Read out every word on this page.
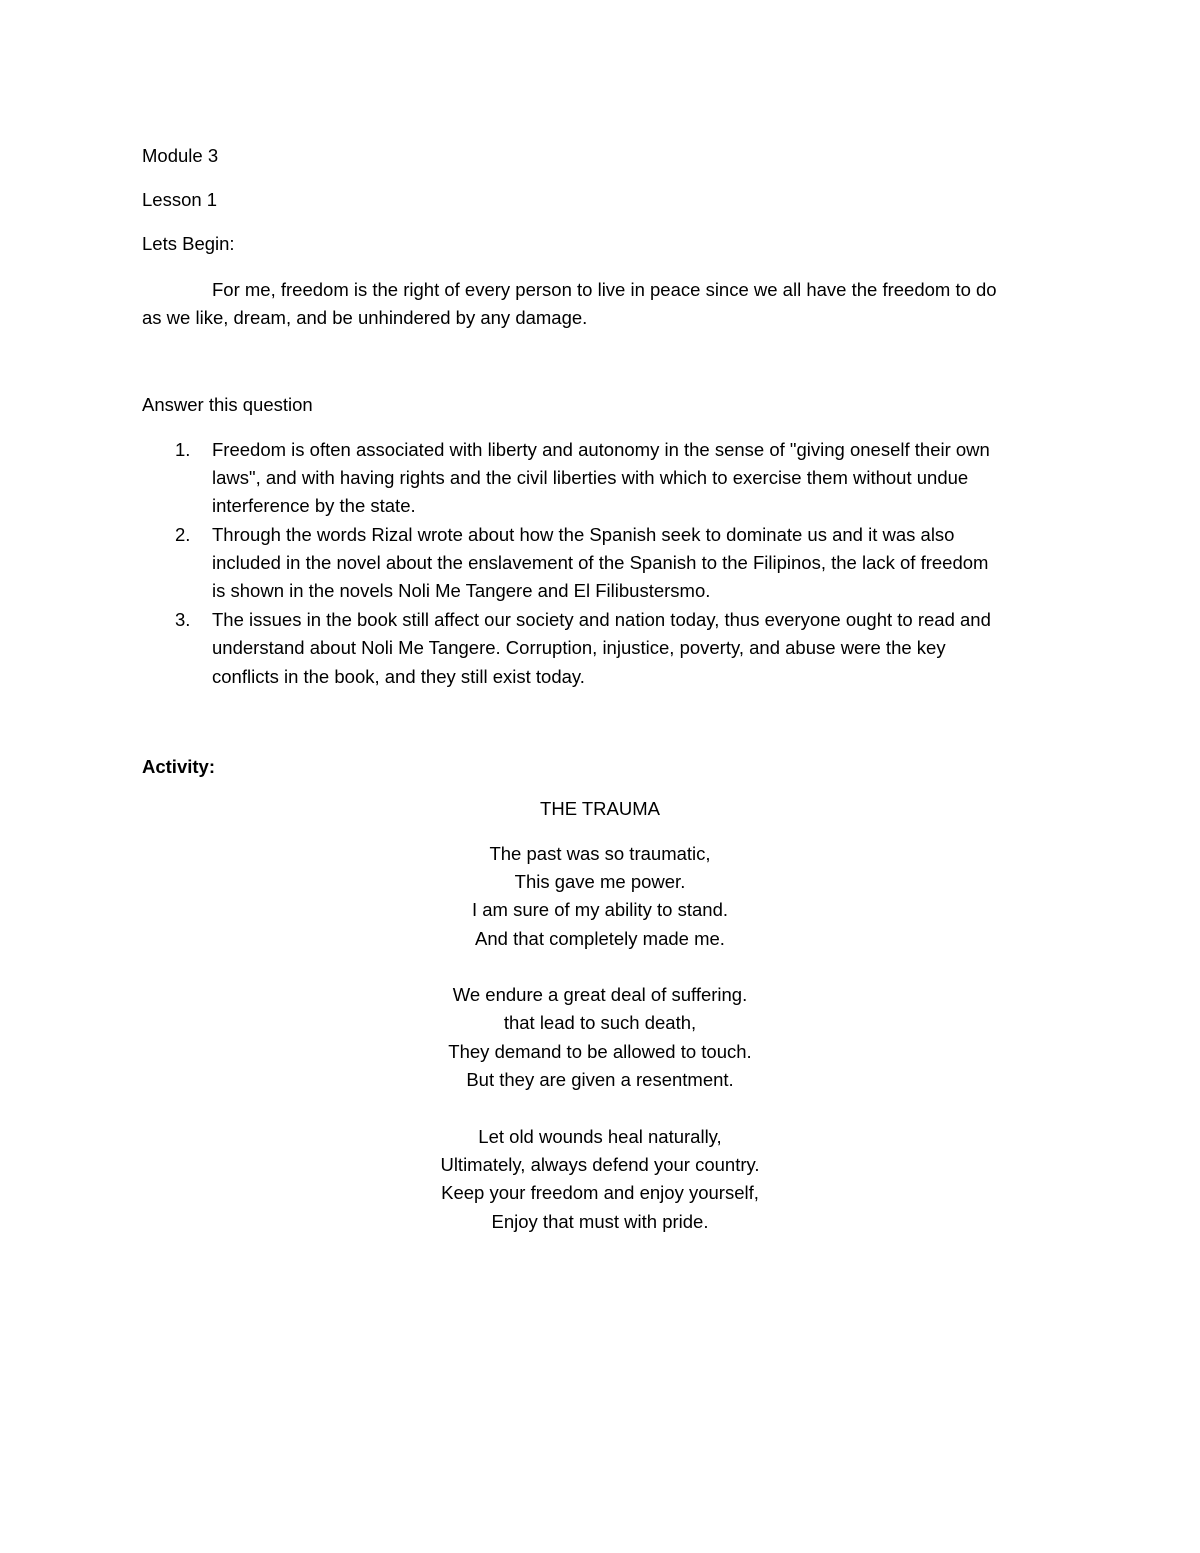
Module 3
Lesson 1
Lets Begin:
For me, freedom is the right of every person to live in peace since we all have the freedom to do
as we like, dream, and be unhindered by any damage.
Answer this question
1. Freedom is often associated with liberty and autonomy in the sense of "giving oneself their own
laws", and with having rights and the civil liberties with which to exercise them without undue
interference by the state.
2. Through the words Rizal wrote about how the Spanish seek to dominate us and it was also
included in the novel about the enslavement of the Spanish to the Filipinos, the lack of freedom
is shown in the novels Noli Me Tangere and El Filibustersmo.
3. The issues in the book still affect our society and nation today, thus everyone ought to read and
understand about Noli Me Tangere. Corruption, injustice, poverty, and abuse were the key
conflicts in the book, and they still exist today.
Activity:
THE TRAUMA
The past was so traumatic,
This gave me power.
I am sure of my ability to stand.
And that completely made me.
We endure a great deal of suffering.
that lead to such death,
They demand to be allowed to touch.
But they are given a resentment.
Let old wounds heal naturally,
Ultimately, always defend your country.
Keep your freedom and enjoy yourself,
Enjoy that must with pride.
